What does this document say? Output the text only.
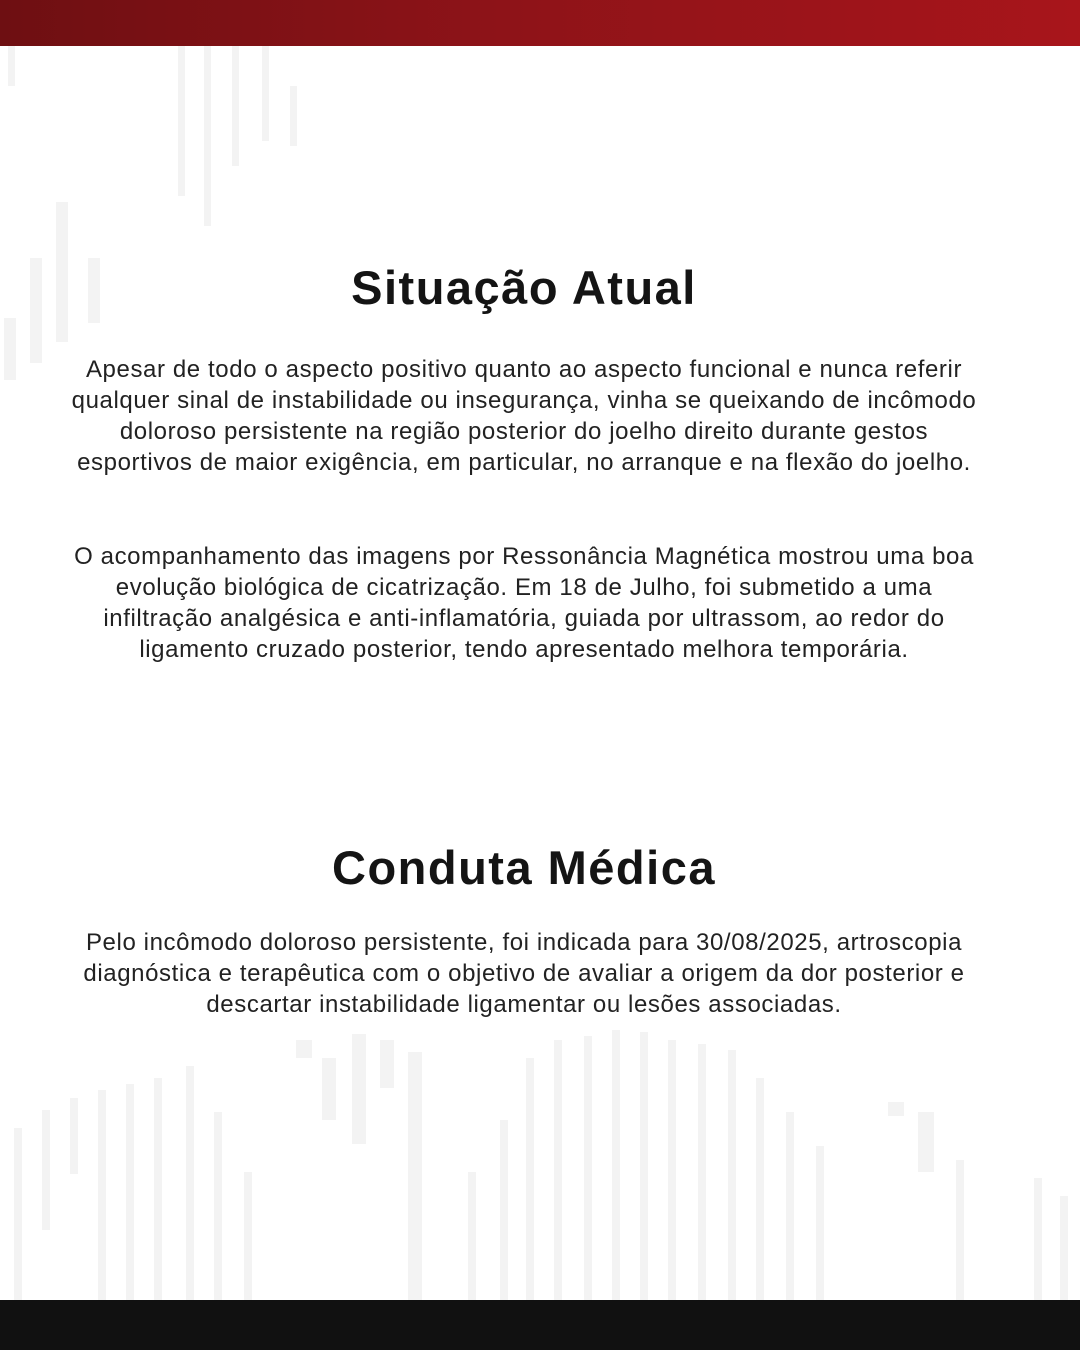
Situação Atual

Apesar de todo o aspecto positivo quanto ao aspecto funcional e nunca referir qualquer sinal de instabilidade ou insegurança, vinha se queixando de incômodo doloroso persistente na região posterior do joelho direito durante gestos esportivos de maior exigência, em particular, no arranque e na flexão do joelho.

O acompanhamento das imagens por Ressonância Magnética mostrou uma boa evolução biológica de cicatrização. Em 18 de Julho, foi submetido a uma infiltração analgésica e anti-inflamatória, guiada por ultrassom, ao redor do ligamento cruzado posterior, tendo apresentado melhora temporária.

Conduta Médica

Pelo incômodo doloroso persistente, foi indicada para 30/08/2025, artroscopia diagnóstica e terapêutica com o objetivo de avaliar a origem da dor posterior e descartar instabilidade ligamentar ou lesões associadas.
